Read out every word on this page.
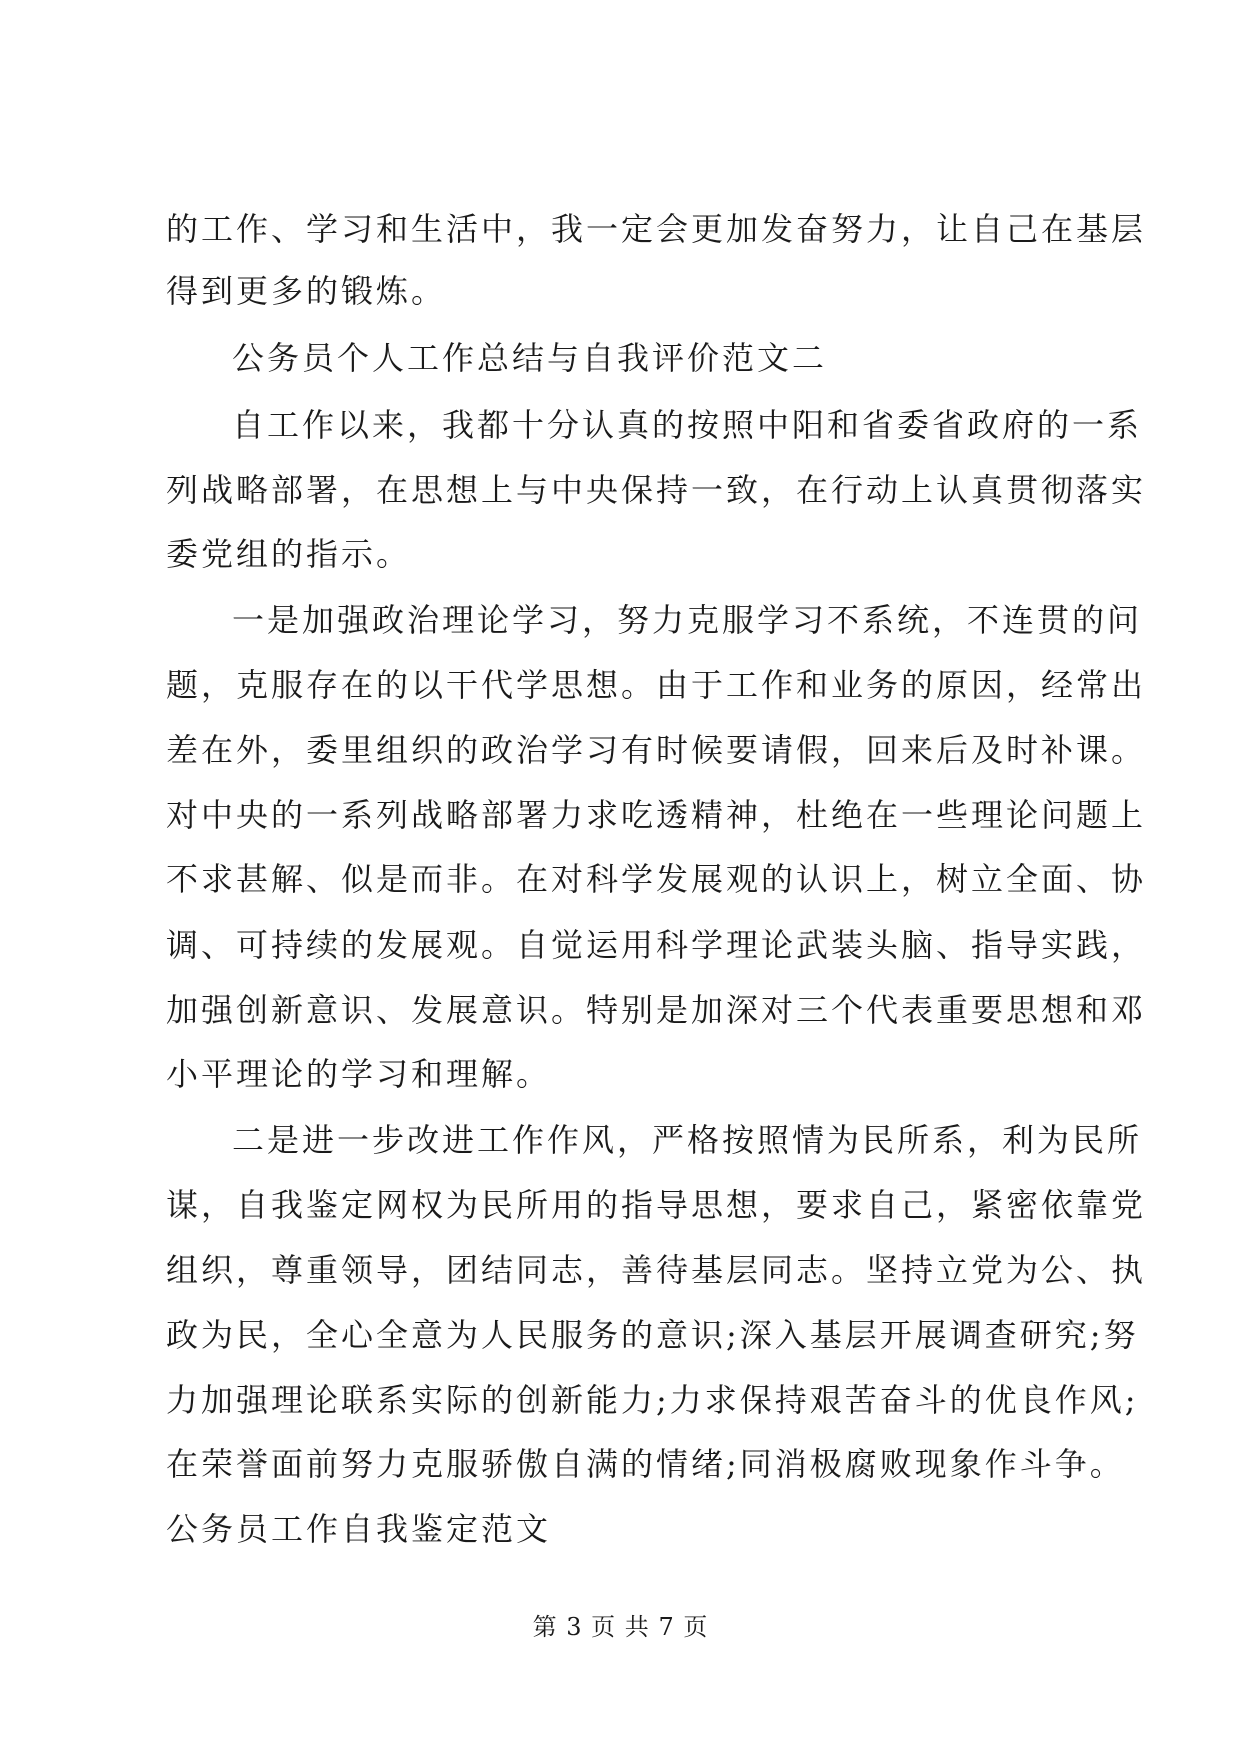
的工作、学习和生活中，我一定会更加发奋努力，让自己在基层
得到更多的锻炼。
公务员个人工作总结与自我评价范文二
自工作以来，我都十分认真的按照中阳和省委省政府的一系
列战略部署，在思想上与中央保持一致，在行动上认真贯彻落实
委党组的指示。
一是加强政治理论学习，努力克服学习不系统，不连贯的问
题，克服存在的以干代学思想。由于工作和业务的原因，经常出
差在外，委里组织的政治学习有时候要请假，回来后及时补课。
对中央的一系列战略部署力求吃透精神，杜绝在一些理论问题上
不求甚解、似是而非。在对科学发展观的认识上，树立全面、协
调、可持续的发展观。自觉运用科学理论武装头脑、指导实践，
加强创新意识、发展意识。特别是加深对三个代表重要思想和邓
小平理论的学习和理解。
二是进一步改进工作作风，严格按照情为民所系，利为民所
谋，自我鉴定网权为民所用的指导思想，要求自己，紧密依靠党
组织，尊重领导，团结同志，善待基层同志。坚持立党为公、执
政为民，全心全意为人民服务的意识;深入基层开展调查研究;努
力加强理论联系实际的创新能力;力求保持艰苦奋斗的优良作风;
在荣誉面前努力克服骄傲自满的情绪;同消极腐败现象作斗争。
公务员工作自我鉴定范文
第 3 页 共 7 页
